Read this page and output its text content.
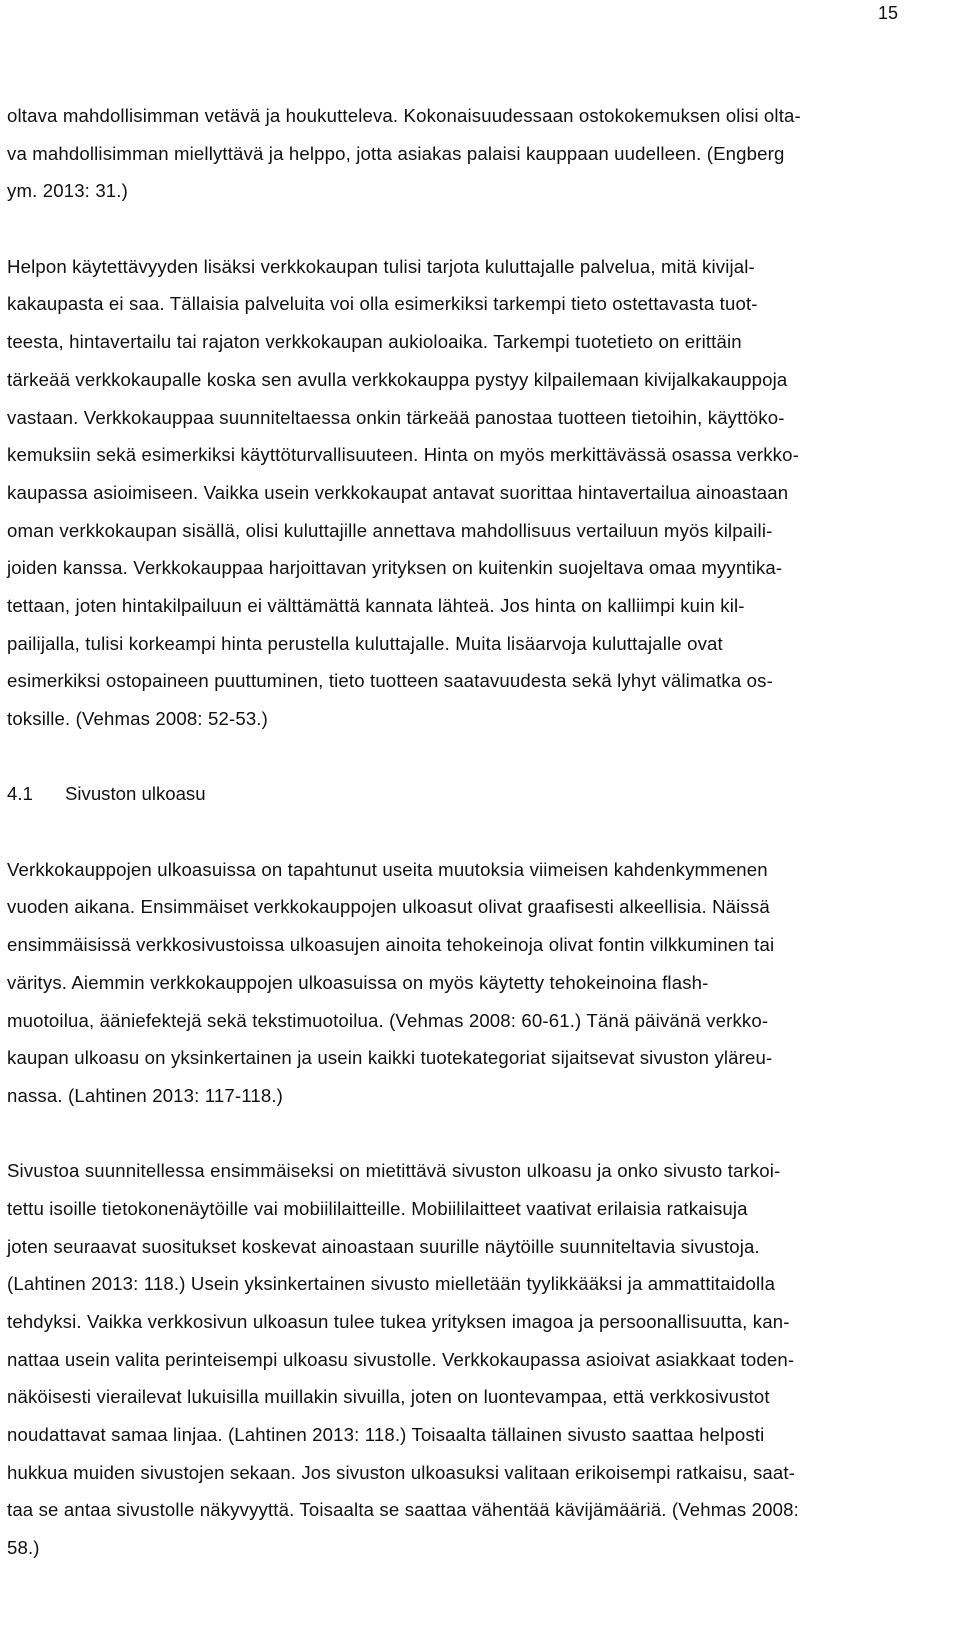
15
oltava mahdollisimman vetävä ja houkutteleva. Kokonaisuudessaan ostokokemuksen olisi olta-
va mahdollisimman miellyttävä ja helppo, jotta asiakas palaisi kauppaan uudelleen. (Engberg
ym. 2013: 31.)
Helpon käytettävyyden lisäksi verkkokaupan tulisi tarjota kuluttajalle palvelua, mitä kivijal-
kakaupasta ei saa. Tällaisia palveluita voi olla esimerkiksi tarkempi tieto ostettavasta tuot-
teesta, hintavertailu tai rajaton verkkokaupan aukioloaika. Tarkempi tuotetieto on erittäin
tärkeää verkkokaupalle koska sen avulla verkkokauppa pystyy kilpailemaan kivijalkakauppoja
vastaan. Verkkokauppaa suunniteltaessa onkin tärkeää panostaa tuotteen tietoihin, käyttöko-
kemuksiin sekä esimerkiksi käyttöturvallisuuteen. Hinta on myös merkittävässä osassa verkko-
kaupassa asioimiseen. Vaikka usein verkkokaupat antavat suorittaa hintavertailua ainoastaan
oman verkkokaupan sisällä, olisi kuluttajille annettava mahdollisuus vertailuun myös kilpaili-
joiden kanssa. Verkkokauppaa harjoittavan yrityksen on kuitenkin suojeltava omaa myyntika-
tettaan, joten hintakilpailuun ei välttämättä kannata lähteä. Jos hinta on kalliimpi kuin kil-
pailijalla, tulisi korkeampi hinta perustella kuluttajalle. Muita lisäarvoja kuluttajalle ovat
esimerkiksi ostopaineen puuttuminen, tieto tuotteen saatavuudesta sekä lyhyt välimatka os-
toksille. (Vehmas 2008: 52-53.)
4.1 Sivuston ulkoasu
Verkkokauppojen ulkoasuissa on tapahtunut useita muutoksia viimeisen kahdenkymmenen
vuoden aikana. Ensimmäiset verkkokauppojen ulkoasut olivat graafisesti alkeellisia. Näissä
ensimmäisissä verkkosivustoissa ulkoasujen ainoita tehokeinoja olivat fontin vilkkuminen tai
väritys. Aiemmin verkkokauppojen ulkoasuissa on myös käytetty tehokeinoina flash-
muotoilua, ääniefektejä sekä tekstimuotoilua. (Vehmas 2008: 60-61.) Tänä päivänä verkko-
kaupan ulkoasu on yksinkertainen ja usein kaikki tuotekategoriat sijaitsevat sivuston yläreu-
nassa. (Lahtinen 2013: 117-118.)
Sivustoa suunnitellessa ensimmäiseksi on mietittävä sivuston ulkoasu ja onko sivusto tarkoi-
tettu isoille tietokonenäytöille vai mobiililaitteille. Mobiililaitteet vaativat erilaisia ratkaisuja
joten seuraavat suositukset koskevat ainoastaan suurille näytöille suunniteltavia sivustoja.
(Lahtinen 2013: 118.) Usein yksinkertainen sivusto mielletään tyylikkääksi ja ammattitaidolla
tehdyksi. Vaikka verkkosivun ulkoasun tulee tukea yrityksen imagoa ja persoonallisuutta, kan-
nattaa usein valita perinteisempi ulkoasu sivustolle. Verkkokaupassa asioivat asiakkaat toden-
näköisesti vierailevat lukuisilla muillakin sivuilla, joten on luontevampaa, että verkkosivustot
noudattavat samaa linjaa. (Lahtinen 2013: 118.) Toisaalta tällainen sivusto saattaa helposti
hukkua muiden sivustojen sekaan. Jos sivuston ulkoasuksi valitaan erikoisempi ratkaisu, saat-
taa se antaa sivustolle näkyvyyttä. Toisaalta se saattaa vähentää kävijämääriä. (Vehmas 2008:
58.)
